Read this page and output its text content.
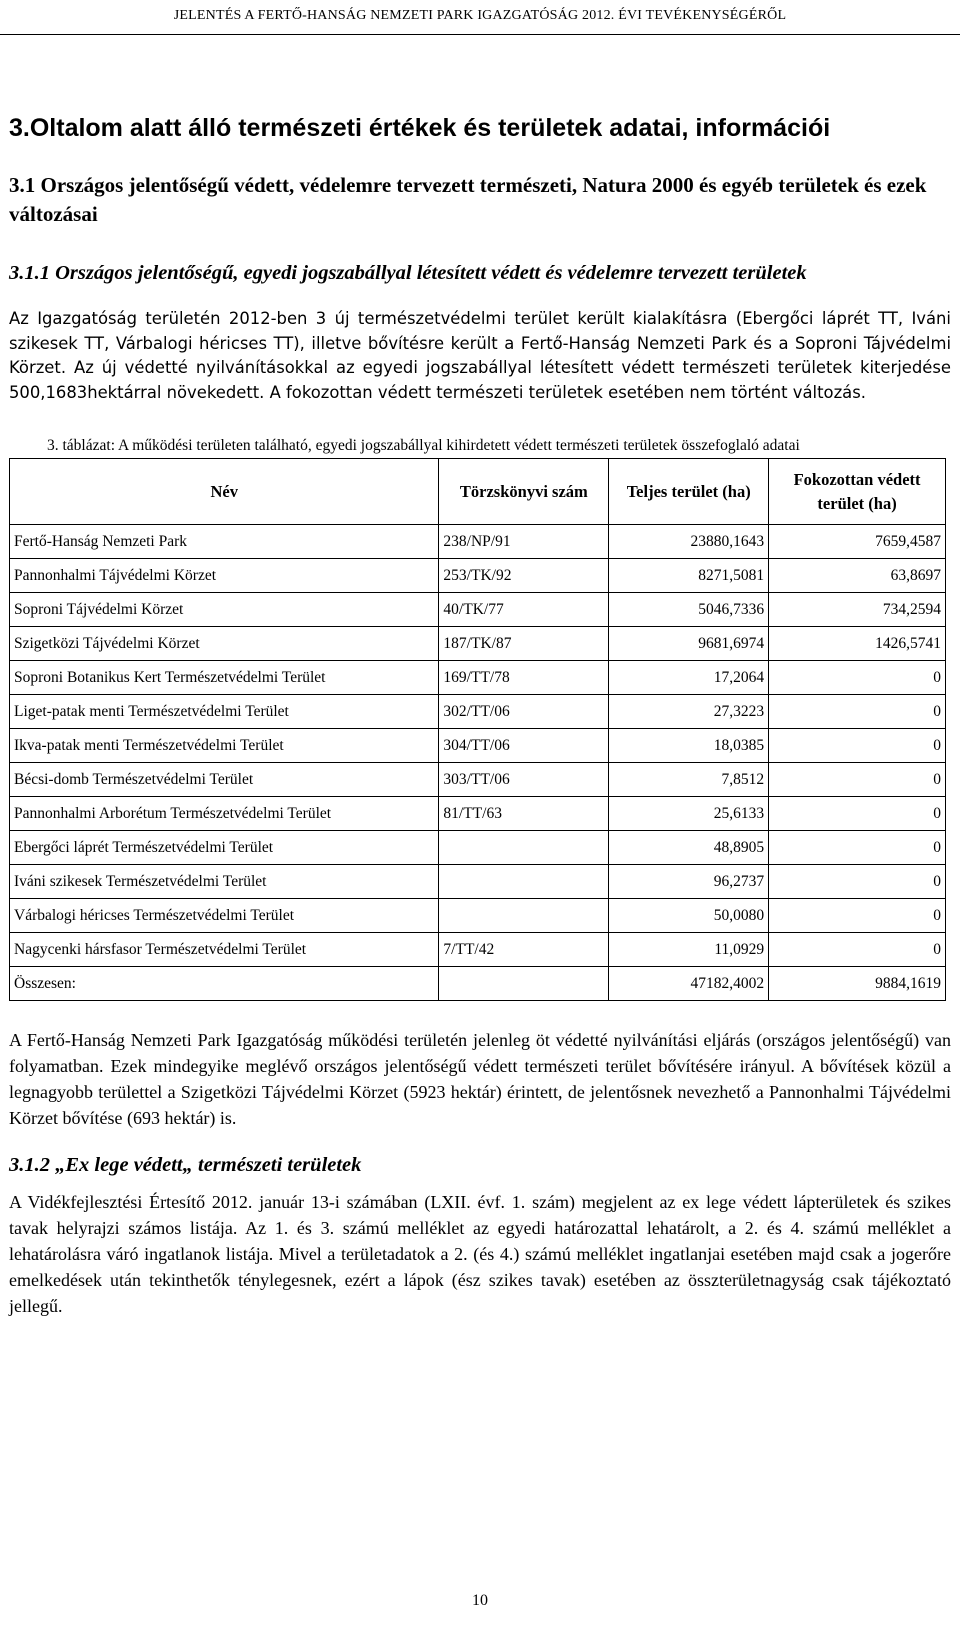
JELENTÉS A FERTŐ-HANSÁG NEMZETI PARK IGAZGATÓSÁG 2012. ÉVI TEVÉKENYSÉGÉRŐL
3.Oltalom alatt álló természeti értékek és területek adatai, információi
3.1 Országos jelentőségű védett, védelemre tervezett természeti, Natura 2000 és egyéb területek és ezek változásai
3.1.1 Országos jelentőségű, egyedi jogszabállyal létesített védett és védelemre tervezett területek

Az Igazgatóság területén 2012-ben 3 új természetvédelmi terület került kialakításra (Ebergőci láprét TT, Iváni szikesek TT, Várbalogi héricses TT), illetve bővítésre került a Fertő-Hanság Nemzeti Park és a Soproni Tájvédelmi Körzet. Az új védetté nyilvánításokkal az egyedi jogszabállyal létesített védett természeti területek kiterjedése 500,1683hektárral növekedett. A fokozottan védett természeti területek esetében nem történt változás.

3. táblázat: A működési területen található, egyedi jogszabállyal kihirdetett védett természeti területek összefoglaló adatai

Név	Törzskönyvi szám	Teljes terület (ha)	Fokozottan védett terület (ha)
Fertő-Hanság Nemzeti Park	238/NP/91	23880,1643	7659,4587
Pannonhalmi Tájvédelmi Körzet	253/TK/92	8271,5081	63,8697
Soproni Tájvédelmi Körzet	40/TK/77	5046,7336	734,2594
Szigetközi Tájvédelmi Körzet	187/TK/87	9681,6974	1426,5741
Soproni Botanikus Kert Természetvédelmi Terület	169/TT/78	17,2064	0
Liget-patak menti Természetvédelmi Terület	302/TT/06	27,3223	0
Ikva-patak menti Természetvédelmi Terület	304/TT/06	18,0385	0
Bécsi-domb Természetvédelmi Terület	303/TT/06	7,8512	0
Pannonhalmi Arborétum Természetvédelmi Terület	81/TT/63	25,6133	0
Ebergőci láprét Természetvédelmi Terület		48,8905	0
Iváni szikesek Természetvédelmi Terület		96,2737	0
Várbalogi héricses Természetvédelmi Terület		50,0080	0
Nagycenki hársfasor Természetvédelmi Terület	7/TT/42	11,0929	0
Összesen:		47182,4002	9884,1619

A Fertő-Hanság Nemzeti Park Igazgatóság működési területén jelenleg öt védetté nyilvánítási eljárás (országos jelentőségű) van folyamatban. Ezek mindegyike meglévő országos jelentőségű védett természeti terület bővítésére irányul. A bővítések közül a legnagyobb területtel a Szigetközi Tájvédelmi Körzet (5923 hektár) érintett, de jelentősnek nevezhető a Pannonhalmi Tájvédelmi Körzet bővítése (693 hektár) is.

3.1.2 „Ex lege védett„ természeti területek

A Vidékfejlesztési Értesítő 2012. január 13-i számában (LXII. évf. 1. szám) megjelent az ex lege védett lápterületek és szikes tavak helyrajzi számos listája. Az 1. és 3. számú melléklet az egyedi határozattal lehatárolt, a 2. és 4. számú melléklet a lehatárolásra váró ingatlanok listája. Mivel a területadatok a 2. (és 4.) számú melléklet ingatlanjai esetében majd csak a jogerőre emelkedések után tekinthetők ténylegesnek, ezért a lápok (ész szikes tavak) esetében az összterületnagyság csak tájékoztató jellegű.

10
